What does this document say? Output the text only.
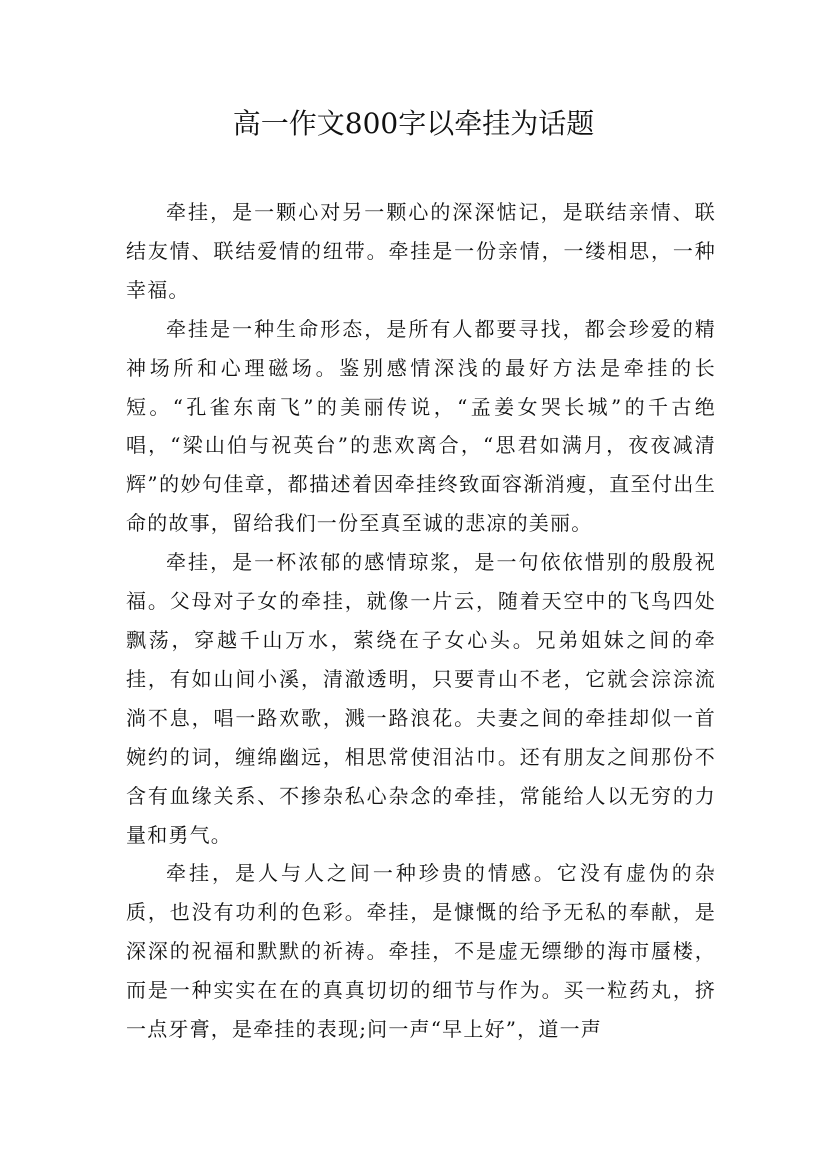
高一作文800字以牵挂为话题

牵挂，是一颗心对另一颗心的深深惦记，是联结亲情、联结友情、联结爱情的纽带。牵挂是一份亲情，一缕相思，一种幸福。

牵挂是一种生命形态，是所有人都要寻找，都会珍爱的精神场所和心理磁场。鉴别感情深浅的最好方法是牵挂的长短。“孔雀东南飞”的美丽传说，“孟姜女哭长城”的千古绝唱，“梁山伯与祝英台”的悲欢离合，“思君如满月，夜夜减清辉”的妙句佳章，都描述着因牵挂终致面容渐消瘦，直至付出生命的故事，留给我们一份至真至诚的悲凉的美丽。

牵挂，是一杯浓郁的感情琼浆，是一句依依惜别的殷殷祝福。父母对子女的牵挂，就像一片云，随着天空中的飞鸟四处飘荡，穿越千山万水，萦绕在子女心头。兄弟姐妹之间的牵挂，有如山间小溪，清澈透明，只要青山不老，它就会淙淙流淌不息，唱一路欢歌，溅一路浪花。夫妻之间的牵挂却似一首婉约的词，缠绵幽远，相思常使泪沾巾。还有朋友之间那份不含有血缘关系、不掺杂私心杂念的牵挂，常能给人以无穷的力量和勇气。

牵挂，是人与人之间一种珍贵的情感。它没有虚伪的杂质，也没有功利的色彩。牵挂，是慷慨的给予无私的奉献，是深深的祝福和默默的祈祷。牵挂，不是虚无缥缈的海市蜃楼，而是一种实实在在的真真切切的细节与作为。买一粒药丸，挤一点牙膏，是牵挂的表现;问一声“早上好”，道一声
